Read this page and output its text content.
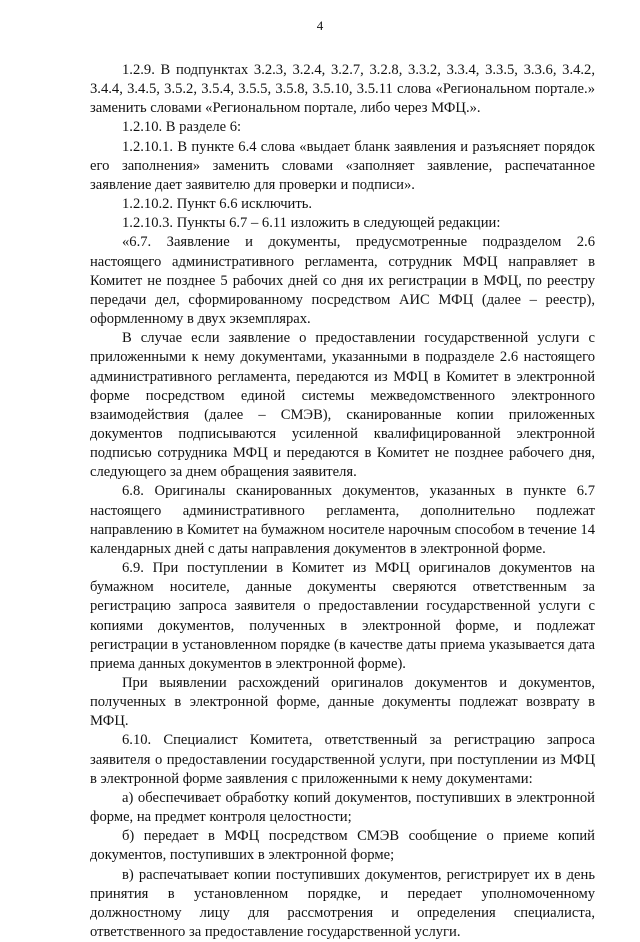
4

1.2.9. В подпунктах 3.2.3, 3.2.4, 3.2.7, 3.2.8, 3.3.2, 3.3.4, 3.3.5, 3.3.6, 3.4.2, 3.4.4, 3.4.5, 3.5.2, 3.5.4, 3.5.5, 3.5.8, 3.5.10, 3.5.11 слова «Региональном портале.» заменить словами «Региональном портале, либо через МФЦ.».

1.2.10. В разделе 6:

1.2.10.1. В пункте 6.4 слова «выдает бланк заявления и разъясняет порядок его заполнения» заменить словами «заполняет заявление, распечатанное заявление дает заявителю для проверки и подписи».

1.2.10.2. Пункт 6.6 исключить.

1.2.10.3. Пункты 6.7 – 6.11 изложить в следующей редакции:

«6.7. Заявление и документы, предусмотренные подразделом 2.6 настоящего административного регламента, сотрудник МФЦ направляет в Комитет не позднее 5 рабочих дней со дня их регистрации в МФЦ, по реестру передачи дел, сформированному посредством АИС МФЦ (далее – реестр), оформленному в двух экземплярах.

В случае если заявление о предоставлении государственной услуги с приложенными к нему документами, указанными в подразделе 2.6 настоящего административного регламента, передаются из МФЦ в Комитет в электронной форме посредством единой системы межведомственного электронного взаимодействия (далее – СМЭВ), сканированные копии приложенных документов подписываются усиленной квалифицированной электронной подписью сотрудника МФЦ и передаются в Комитет не позднее рабочего дня, следующего за днем обращения заявителя.

6.8. Оригиналы сканированных документов, указанных в пункте 6.7 настоящего административного регламента, дополнительно подлежат направлению в Комитет на бумажном носителе нарочным способом в течение 14 календарных дней с даты направления документов в электронной форме.

6.9. При поступлении в Комитет из МФЦ оригиналов документов на бумажном носителе, данные документы сверяются ответственным за регистрацию запроса заявителя о предоставлении государственной услуги с копиями документов, полученных в электронной форме, и подлежат регистрации в установленном порядке (в качестве даты приема указывается дата приема данных документов в электронной форме).

При выявлении расхождений оригиналов документов и документов, полученных в электронной форме, данные документы подлежат возврату в МФЦ.

6.10. Специалист Комитета, ответственный за регистрацию запроса заявителя о предоставлении государственной услуги, при поступлении из МФЦ в электронной форме заявления с приложенными к нему документами:

а) обеспечивает обработку копий документов, поступивших в электронной форме, на предмет контроля целостности;

б) передает в МФЦ посредством СМЭВ сообщение о приеме копий документов, поступивших в электронной форме;

в) распечатывает копии поступивших документов, регистрирует их в день принятия в установленном порядке, и передает уполномоченному должностному лицу для рассмотрения и определения специалиста, ответственного за предоставление государственной услуги.
